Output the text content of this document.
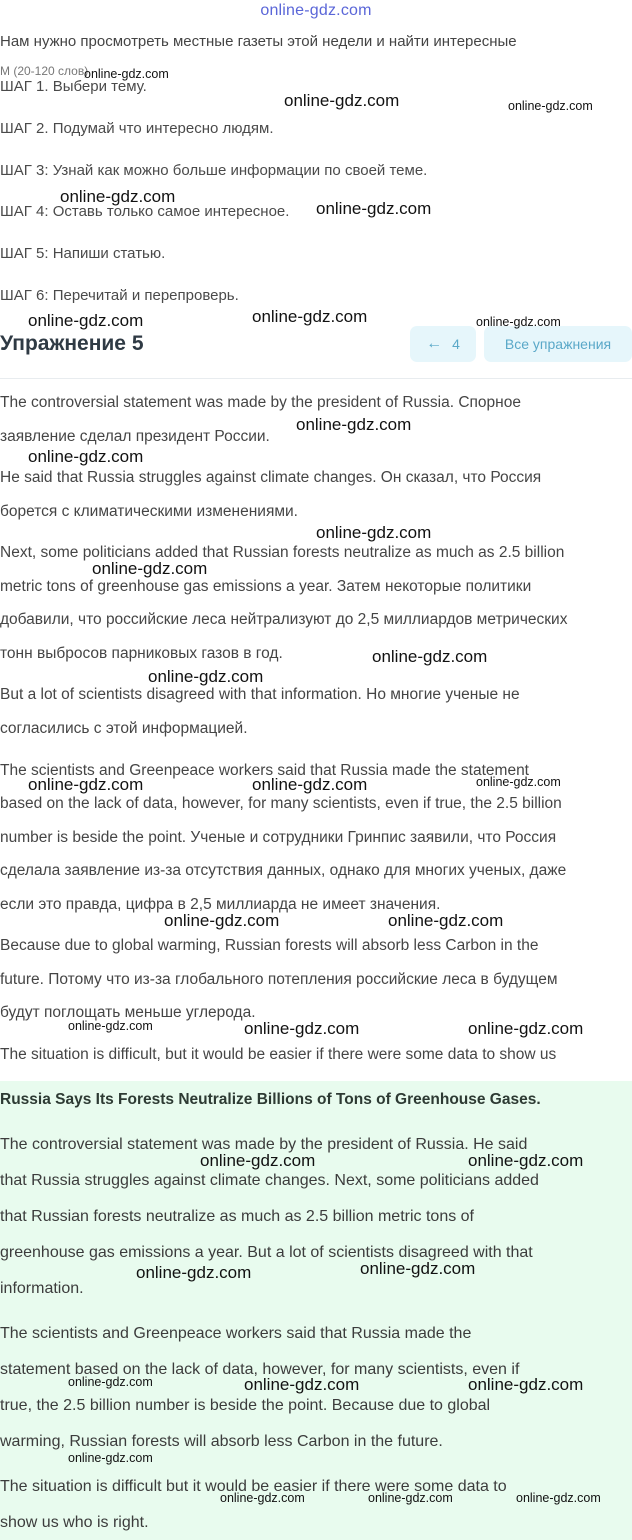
online-gdz.com
Нам нужно просмотреть местные газеты этой недели и найти интересные
М (20-120 слов)
ШАГ 1. Выбери тему.
ШАГ 2. Подумай что интересно людям.
ШАГ 3: Узнай как можно больше информации по своей теме.
ШАГ 4: Оставь только самое интересное.
ШАГ 5: Напиши статью.
ШАГ 6: Перечитай и перепроверь.
Упражнение 5	← 4	Все упражнения
The controversial statement was made by the president of Russia. Спорное
заявление сделал президент России.
He said that Russia struggles against climate changes. Он сказал, что Россия
борется с климатическими изменениями.
Next, some politicians added that Russian forests neutralize as much as 2.5 billion
metric tons of greenhouse gas emissions a year. Затем некоторые политики
добавили, что российские леса нейтрализуют до 2,5 миллиардов метрических
тонн выбросов парниковых газов в год.
But a lot of scientists disagreed with that information. Но многие ученые не
согласились с этой информацией.
The scientists and Greenpeace workers said that Russia made the statement
based on the lack of data, however, for many scientists, even if true, the 2.5 billion
number is beside the point. Ученые и сотрудники Гринпис заявили, что Россия
сделала заявление из-за отсутствия данных, однако для многих ученых, даже
если это правда, цифра в 2,5 миллиарда не имеет значения.
Because due to global warming, Russian forests will absorb less Carbon in the
future. Потому что из-за глобального потепления российские леса в будущем
будут поглощать меньше углерода.
The situation is difficult, but it would be easier if there were some data to show us
Russia Says Its Forests Neutralize Billions of Tons of Greenhouse Gases.
The controversial statement was made by the president of Russia. He said
that Russia struggles against climate changes. Next, some politicians added
that Russian forests neutralize as much as 2.5 billion metric tons of
greenhouse gas emissions a year. But a lot of scientists disagreed with that
information.
The scientists and Greenpeace workers said that Russia made the
statement based on the lack of data, however, for many scientists, even if
true, the 2.5 billion number is beside the point. Because due to global
warming, Russian forests will absorb less Carbon in the future.
The situation is difficult but it would be easier if there were some data to
show us who is right.
online-gdz.com
online-gdz.com	online-gdz.com
online-gdz.com
online-gdz.com
online-gdz.com	online-gdz.com	online-gdz.com
online-gdz.com
online-gdz.com
online-gdz.com
online-gdz.com
online-gdz.com
online-gdz.com
online-gdz.com	online-gdz.com	online-gdz.com
online-gdz.com	online-gdz.com
online-gdz.com	online-gdz.com	online-gdz.com
online-gdz.com	online-gdz.com
online-gdz.com	online-gdz.com
online-gdz.com	online-gdz.com	online-gdz.com
online-gdz.com
online-gdz.com	online-gdz.com	online-gdz.com
